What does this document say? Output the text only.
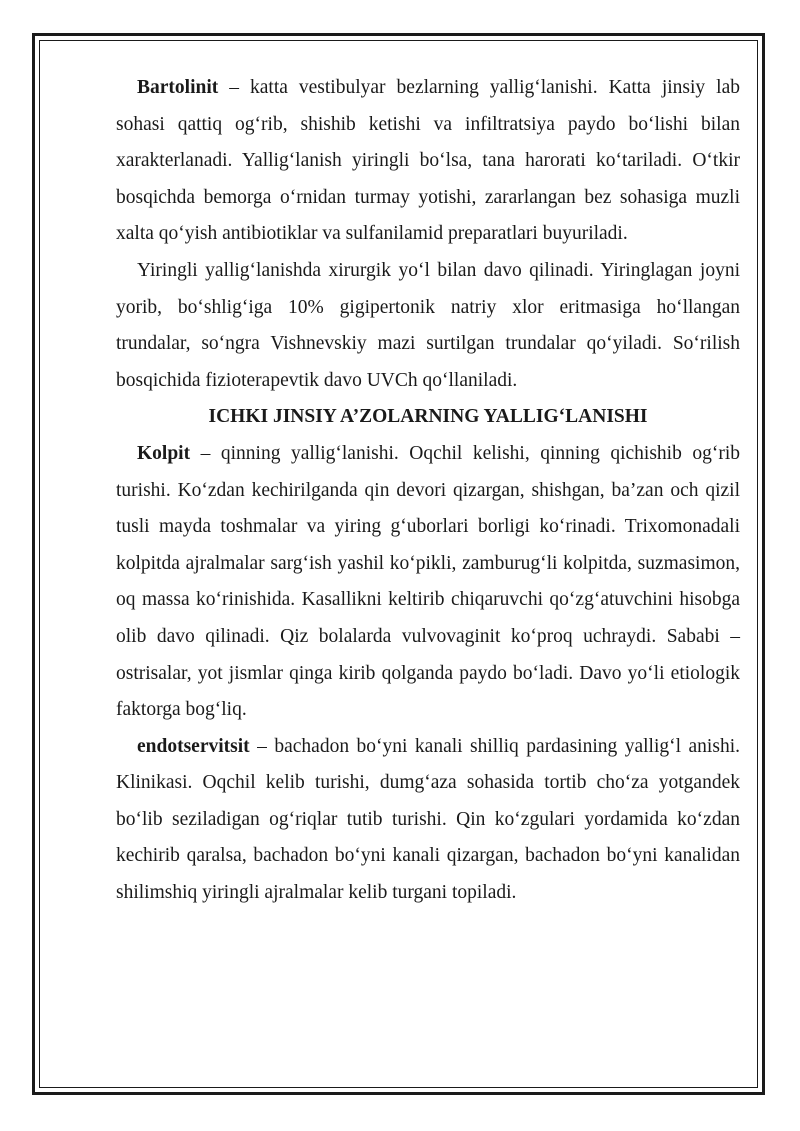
Bartolinit – katta vestibulyar bezlarning yallig‘lanishi. Katta jinsiy lab sohasi qattiq og‘rib, shishib ketishi va infiltratsiya paydo bo‘lishi bilan xarakterlanadi. Yallig‘lanish yiringli bo‘lsa, tana harorati ko‘tariladi. O‘tkir bosqichda bemorga o‘rnidan turmay yotishi, zararlangan bez sohasiga muzli xalta qo‘yish antibiotiklar va sulfanilamid preparatlari buyuriladi.

Yiringli yallig‘lanishda xirurgik yo‘l bilan davo qilinadi. Yiringlagan joyni yorib, bo‘shlig‘iga 10% gigipertonik natriy xlor eritmasiga ho‘llangan trundalar, so‘ngra Vishnevskiy mazi surtilgan trundalar qo‘yiladi. So‘rilish bosqichida fizioterapevtik davo UVCh qo‘llaniladi.

ICHKI JINSIY A’ZOLARNING YALLIG‘LANISHI

Kolpit – qinning yallig‘lanishi. Oqchil kelishi, qinning qichishib og‘rib turishi. Ko‘zdan kechirilganda qin devori qizargan, shishgan, ba’zan och qizil tusli mayda toshmalar va yiring g‘uborlari borligi ko‘rinadi. Trixomonadali kolpitda ajralmalar sarg‘ish yashil ko‘pikli, zamburug‘li kolpitda, suzmasimon, oq massa ko‘rinishida. Kasallikni keltirib chiqaruvchi qo‘zg‘atuvchini hisobga olib davo qilinadi. Qiz bolalarda vulvovaginit ko‘proq uchraydi. Sababi – ostrisalar, yot jismlar qinga kirib qolganda paydo bo‘ladi. Davo yo‘li etiologik faktorga bog‘liq.

endotservitsit – bachadon bo‘yni kanali shilliq pardasining yallig‘l anishi. Klinikasi. Oqchil kelib turishi, dumg‘aza sohasida tortib cho‘za yotgandek bo‘lib seziladigan og‘riqlar tutib turishi. Qin ko‘zgulari yordamida ko‘zdan kechirib qaralsa, bachadon bo‘yni kanali qizargan, bachadon bo‘yni kanalidan shilimshiq yiringli ajralmalar kelib turgani topiladi.
